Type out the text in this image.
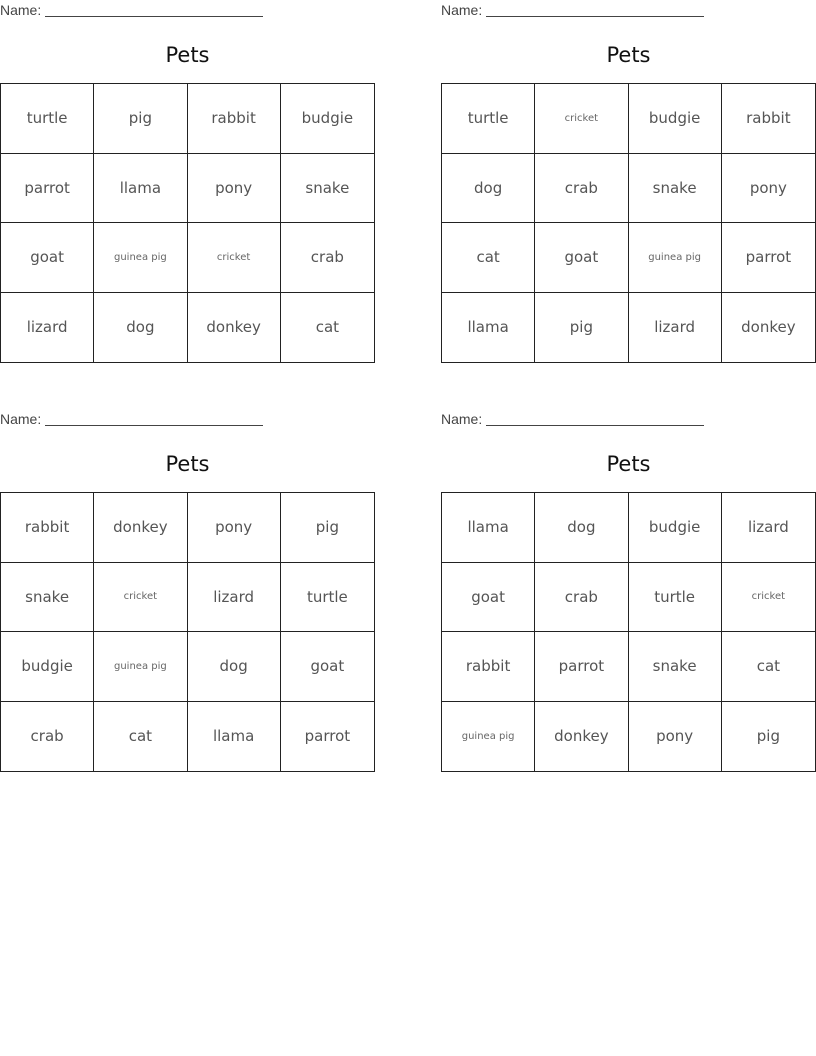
Name:
Pets
turtle	pig	rabbit	budgie
parrot	llama	pony	snake
goat	guinea pig	cricket	crab
lizard	dog	donkey	cat
Name:
Pets
turtle	cricket	budgie	rabbit
dog	crab	snake	pony
cat	goat	guinea pig	parrot
llama	pig	lizard	donkey
Name:
Pets
rabbit	donkey	pony	pig
snake	cricket	lizard	turtle
budgie	guinea pig	dog	goat
crab	cat	llama	parrot
Name:
Pets
llama	dog	budgie	lizard
goat	crab	turtle	cricket
rabbit	parrot	snake	cat
guinea pig	donkey	pony	pig
